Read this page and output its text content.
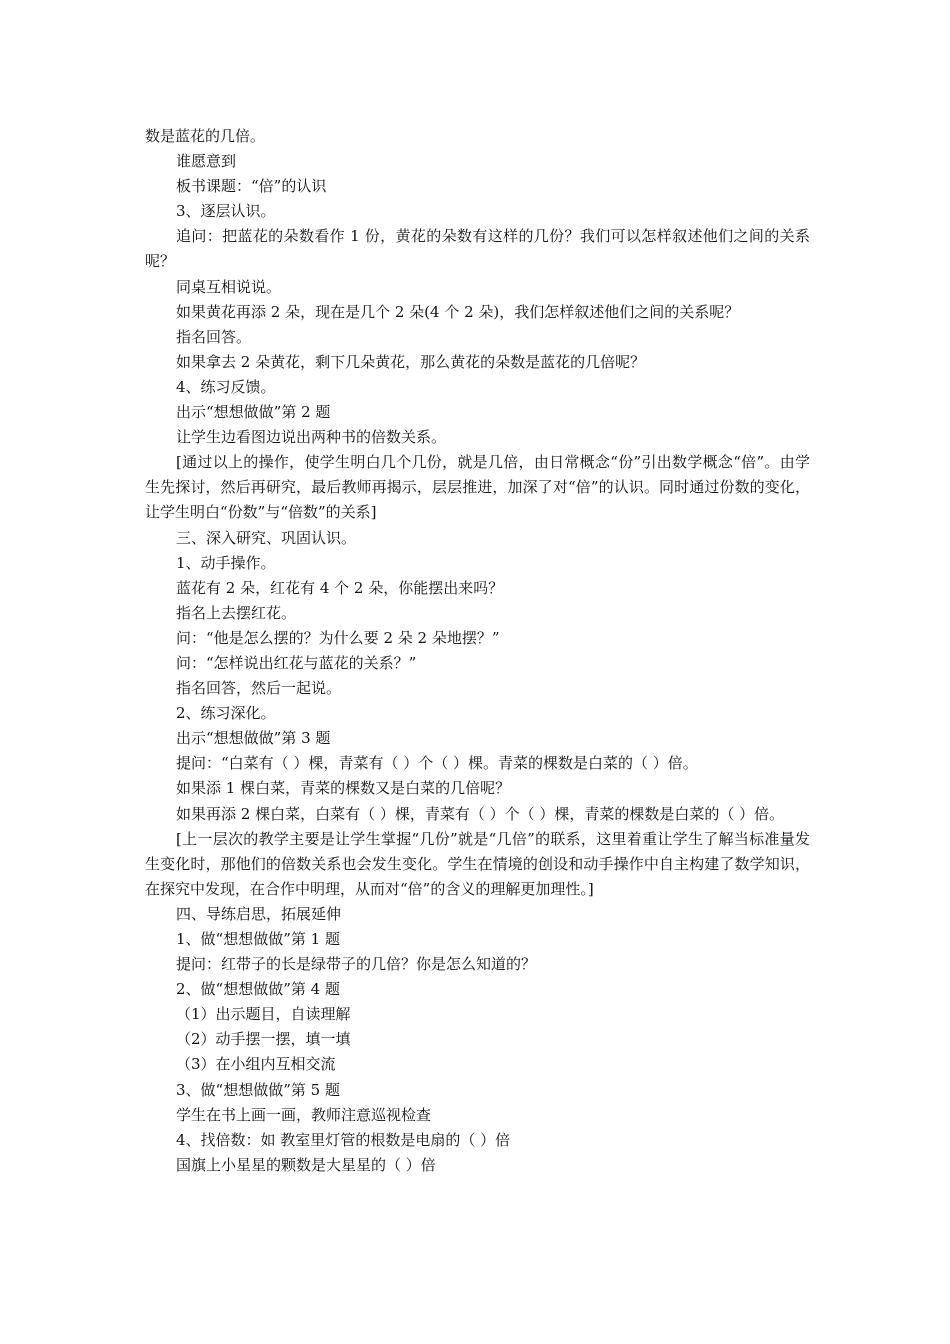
数是蓝花的几倍。

谁愿意到

板书课题：“倍”的认识

3、逐层认识。

追问：把蓝花的朵数看作 1 份，黄花的朵数有这样的几份？我们可以怎样叙述他们之间的关系呢？

同桌互相说说。

如果黄花再添 2 朵，现在是几个 2 朵(4 个 2 朵)，我们怎样叙述他们之间的关系呢？

指名回答。

如果拿去 2 朵黄花，剩下几朵黄花，那么黄花的朵数是蓝花的几倍呢？

4、练习反馈。

出示“想想做做”第 2 题

让学生边看图边说出两种书的倍数关系。

[通过以上的操作，使学生明白几个几份，就是几倍，由日常概念“份”引出数学概念“倍”。由学生先探讨，然后再研究，最后教师再揭示，层层推进，加深了对“倍”的认识。同时通过份数的变化，让学生明白“份数”与“倍数”的关系]

三、深入研究、巩固认识。

1、动手操作。

蓝花有 2 朵，红花有 4 个 2 朵，你能摆出来吗？

指名上去摆红花。

问：“他是怎么摆的？为什么要 2 朵 2 朵地摆？”

问：“怎样说出红花与蓝花的关系？”

指名回答，然后一起说。

2、练习深化。

出示“想想做做”第 3 题

提问：“白菜有（ ）棵，青菜有（ ）个（ ）棵。青菜的棵数是白菜的（ ）倍。

如果添 1 棵白菜，青菜的棵数又是白菜的几倍呢？

如果再添 2 棵白菜，白菜有（ ）棵，青菜有（ ）个（ ）棵，青菜的棵数是白菜的（ ）倍。

[上一层次的教学主要是让学生掌握“几份”就是“几倍”的联系，这里着重让学生了解当标准量发生变化时，那他们的倍数关系也会发生变化。学生在情境的创设和动手操作中自主构建了数学知识，在探究中发现，在合作中明理，从而对“倍”的含义的理解更加理性。]

四、导练启思，拓展延伸

1、做“想想做做”第 1 题

提问：红带子的长是绿带子的几倍？你是怎么知道的？

2、做“想想做做”第 4 题

（1）出示题目，自读理解

（2）动手摆一摆，填一填

（3）在小组内互相交流

3、做“想想做做”第 5 题

学生在书上画一画，教师注意巡视检查

4、找倍数：如 教室里灯管的根数是电扇的（ ）倍

国旗上小星星的颗数是大星星的（ ）倍
